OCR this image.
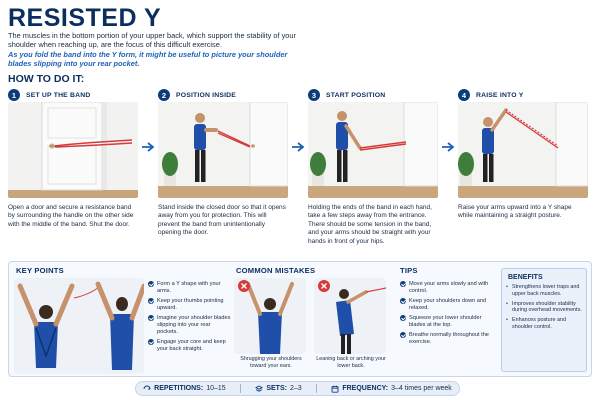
RESISTED Y
The muscles in the bottom portion of your upper back, which support the stability of your shoulder when reaching up, are the focus of this difficult exercise.
As you fold the band into the Y form, it might be useful to picture your shoulder blades slipping into your rear pocket.
HOW TO DO IT:
1	SET UP THE BAND
Open a door and secure a resistance band by surrounding the handle on the other side with the middle of the band. Shut the door.
2	POSITION INSIDE
Stand inside the closed door so that it opens away from you for protection. This will prevent the band from unintentionally opening the door.
3	START POSITION
Holding the ends of the band in each hand, take a few steps away from the entrance. There should be some tension in the band, and your arms should be straight with your hands in front of your hips.
4	RAISE INTO Y
Raise your arms upward into a Y shape while maintaining a straight posture.
KEY POINTS
Form a Y shape with your arms.
Keep your thumbs pointing upward.
Imagine your shoulder blades slipping into your rear pockets.
Engage your core and keep your back straight.
COMMON MISTAKES
Shrugging your shoulders toward your ears.
Leaning back or arching your lower back.
TIPS
Move your arms slowly and with control.
Keep your shoulders down and relaxed.
Squeeze your lower shoulder blades at the top.
Breathe normally throughout the exercise.
BENEFITS
• Strengthens lower traps and upper back muscles.
• Improves shoulder stability during overhead movements.
• Enhances posture and shoulder control.
REPETITIONS: 10–15	SETS: 2–3	FREQUENCY: 3–4 times per week
